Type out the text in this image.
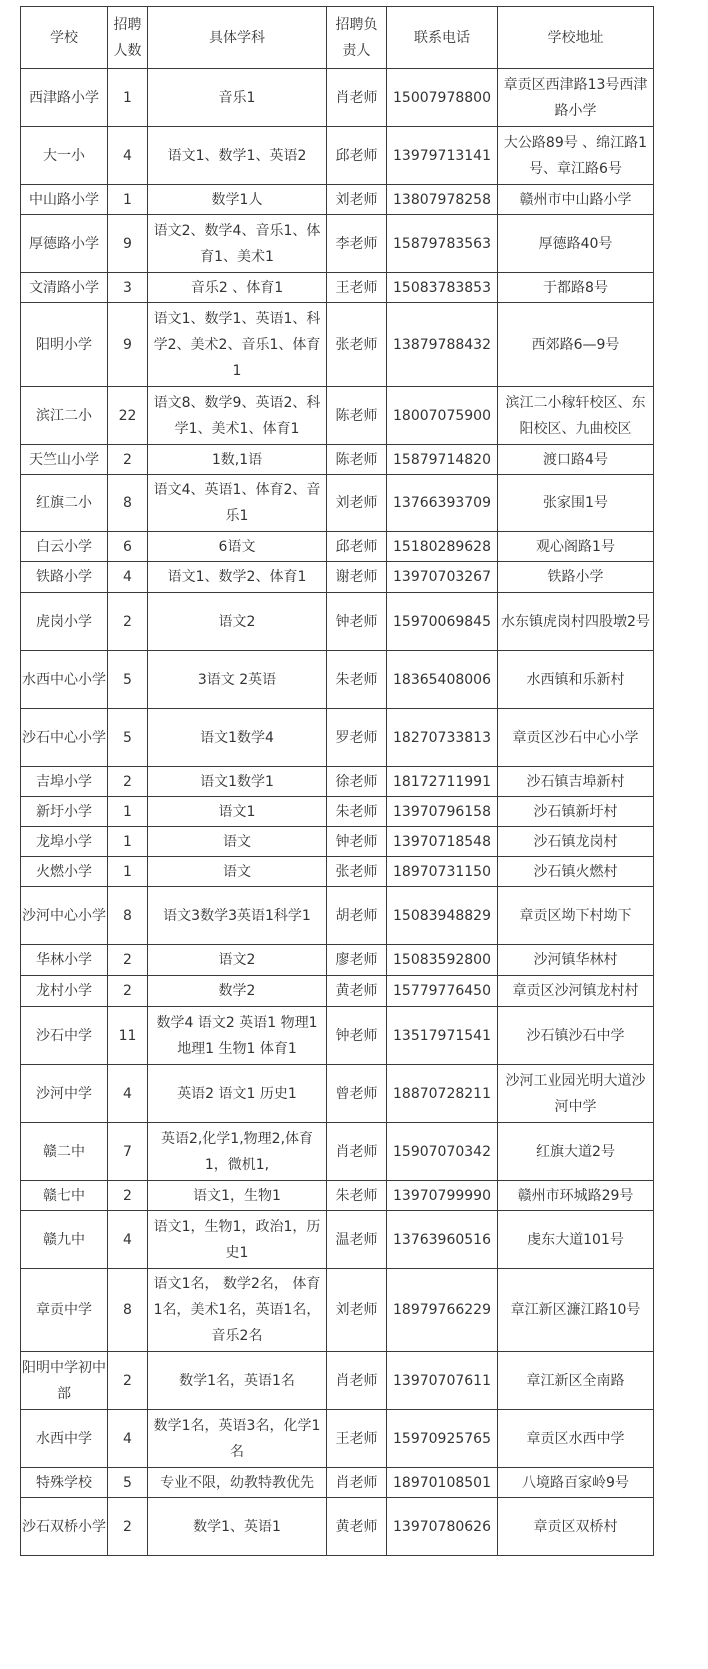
学校	招聘人数	具体学科	招聘负责人	联系电话	学校地址
西津路小学	1	音乐1	肖老师	15007978800	章贡区西津路13号西津路小学
大一小	4	语文1、数学1、英语2	邱老师	13979713141	大公路89号 、绵江路1号、章江路6号
中山路小学	1	数学1人	刘老师	13807978258	赣州市中山路小学
厚德路小学	9	语文2、数学4、音乐1、体育1、美术1	李老师	15879783563	厚德路40号
文清路小学	3	音乐2 、体育1	王老师	15083783853	于都路8号
阳明小学	9	语文1、数学1、英语1、科学2、美术2、音乐1、体育1	张老师	13879788432	西郊路6—9号
滨江二小	22	语文8、数学9、英语2、科学1、美术1、体育1	陈老师	18007075900	滨江二小稼轩校区、东阳校区、九曲校区
天竺山小学	2	1数,1语	陈老师	15879714820	渡口路4号
红旗二小	8	语文4、英语1、体育2、音乐1	刘老师	13766393709	张家围1号
白云小学	6	6语文	邱老师	15180289628	观心阁路1号
铁路小学	4	语文1、数学2、体育1	谢老师	13970703267	铁路小学
虎岗小学	2	语文2	钟老师	15970069845	水东镇虎岗村四股墩2号
水西中心小学	5	3语文 2英语	朱老师	18365408006	水西镇和乐新村
沙石中心小学	5	语文1数学4	罗老师	18270733813	章贡区沙石中心小学
吉埠小学	2	语文1数学1	徐老师	18172711991	沙石镇吉埠新村
新圩小学	1	语文1	朱老师	13970796158	沙石镇新圩村
龙埠小学	1	语文	钟老师	13970718548	沙石镇龙岗村
火燃小学	1	语文	张老师	18970731150	沙石镇火燃村
沙河中心小学	8	语文3数学3英语1科学1	胡老师	15083948829	章贡区坳下村坳下
华林小学	2	语文2	廖老师	15083592800	沙河镇华林村
龙村小学	2	数学2	黄老师	15779776450	章贡区沙河镇龙村村
沙石中学	11	数学4 语文2 英语1 物理1 地理1 生物1 体育1	钟老师	13517971541	沙石镇沙石中学
沙河中学	4	英语2 语文1 历史1	曾老师	18870728211	沙河工业园光明大道沙河中学
赣二中	7	英语2,化学1,物理2,体育1，微机1,	肖老师	15907070342	红旗大道2号
赣七中	2	语文1，生物1	朱老师	13970799990	赣州市环城路29号
赣九中	4	语文1，生物1，政治1，历史1	温老师	13763960516	虔东大道101号
章贡中学	8	语文1名， 数学2名， 体育1名，美术1名，英语1名，音乐2名	刘老师	18979766229	章江新区濂江路10号
阳明中学初中部	2	数学1名，英语1名	肖老师	13970707611	章江新区全南路
水西中学	4	数学1名，英语3名，化学1名	王老师	15970925765	章贡区水西中学
特殊学校	5	专业不限，幼教特教优先	肖老师	18970108501	八境路百家岭9号
沙石双桥小学	2	数学1、英语1	黄老师	13970780626	章贡区双桥村
